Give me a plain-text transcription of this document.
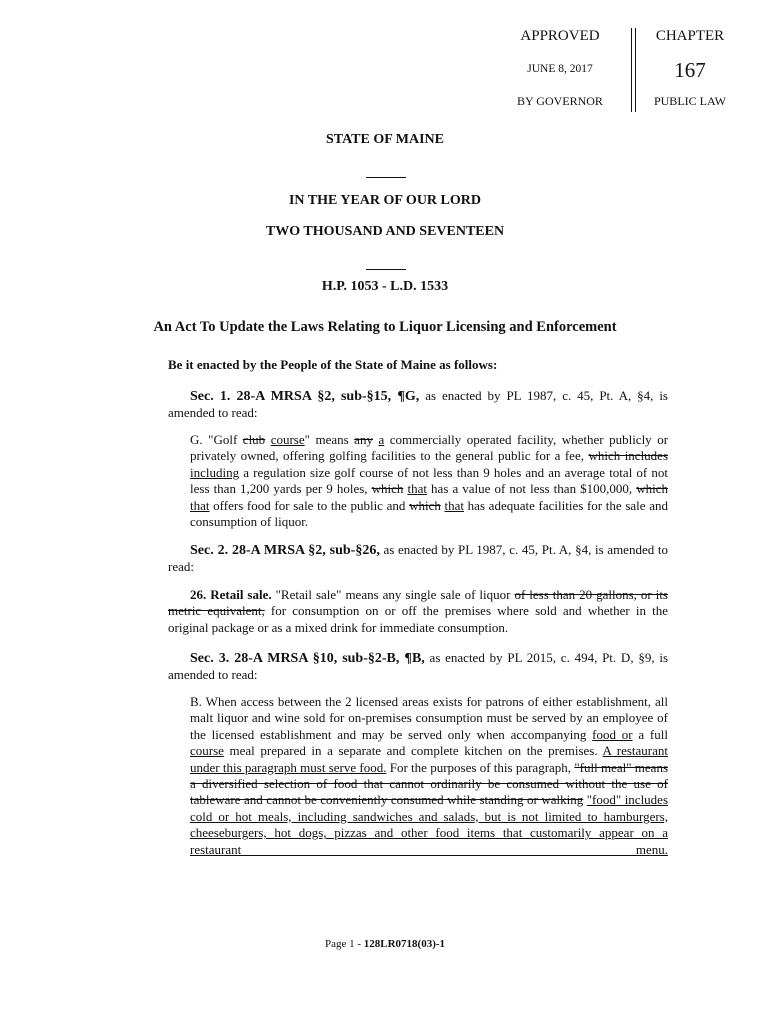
APPROVED
JUNE 8, 2017
BY GOVERNOR
CHAPTER
167
PUBLIC LAW
STATE OF MAINE
IN THE YEAR OF OUR LORD
TWO THOUSAND AND SEVENTEEN
H.P. 1053 - L.D. 1533
An Act To Update the Laws Relating to Liquor Licensing and Enforcement
Be it enacted by the People of the State of Maine as follows:
Sec. 1. 28-A MRSA §2, sub-§15, ¶G, as enacted by PL 1987, c. 45, Pt. A, §4, is amended to read:
G. "Golf club course" means any a commercially operated facility, whether publicly or privately owned, offering golfing facilities to the general public for a fee, which includes including a regulation size golf course of not less than 9 holes and an average total of not less than 1,200 yards per 9 holes, which that has a value of not less than $100,000, which that offers food for sale to the public and which that has adequate facilities for the sale and consumption of liquor.
Sec. 2. 28-A MRSA §2, sub-§26, as enacted by PL 1987, c. 45, Pt. A, §4, is amended to read:
26. Retail sale. "Retail sale" means any single sale of liquor of less than 20 gallons, or its metric equivalent, for consumption on or off the premises where sold and whether in the original package or as a mixed drink for immediate consumption.
Sec. 3. 28-A MRSA §10, sub-§2-B, ¶B, as enacted by PL 2015, c. 494, Pt. D, §9, is amended to read:
B. When access between the 2 licensed areas exists for patrons of either establishment, all malt liquor and wine sold for on-premises consumption must be served by an employee of the licensed establishment and may be served only when accompanying food or a full course meal prepared in a separate and complete kitchen on the premises. A restaurant under this paragraph must serve food. For the purposes of this paragraph, "full meal" means a diversified selection of food that cannot ordinarily be consumed without the use of tableware and cannot be conveniently consumed while standing or walking "food" includes cold or hot meals, including sandwiches and salads, but is not limited to hamburgers, cheeseburgers, hot dogs, pizzas and other food items that customarily appear on a restaurant menu.
Page 1 - 128LR0718(03)-1
